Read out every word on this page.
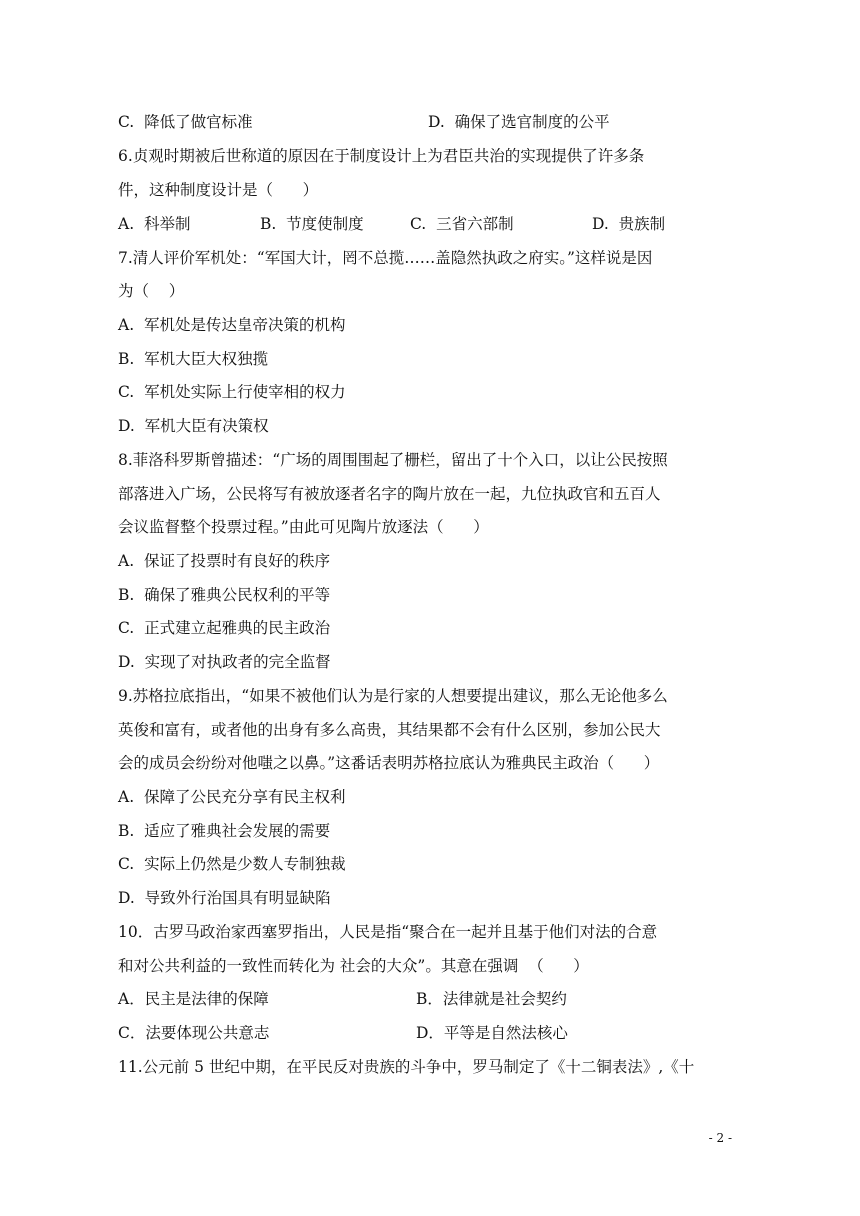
C.  降低了做官标准	D.  确保了选官制度的公平
6.贞观时期被后世称道的原因在于制度设计上为君臣共治的实现提供了许多条
件，这种制度设计是（      ）
A.  科举制	B.  节度使制度	C.  三省六部制	D.  贵族制
7.清人评价军机处：“军国大计，罔不总揽……盖隐然执政之府实。”这样说是因
为（    ）
A.  军机处是传达皇帝决策的机构
B.  军机大臣大权独揽
C.  军机处实际上行使宰相的权力
D.  军机大臣有决策权
8.菲洛科罗斯曾描述：“广场的周围围起了栅栏，留出了十个入口，以让公民按照
部落进入广场，公民将写有被放逐者名字的陶片放在一起，九位执政官和五百人
会议监督整个投票过程。”由此可见陶片放逐法（      ）
A.  保证了投票时有良好的秩序
B.  确保了雅典公民权利的平等
C.  正式建立起雅典的民主政治
D.  实现了对执政者的完全监督
9.苏格拉底指出，“如果不被他们认为是行家的人想要提出建议，那么无论他多么
英俊和富有，或者他的出身有多么高贵，其结果都不会有什么区别，参加公民大
会的成员会纷纷对他嗤之以鼻。”这番话表明苏格拉底认为雅典民主政治（      ）
A.  保障了公民充分享有民主权利
B.  适应了雅典社会发展的需要
C.  实际上仍然是少数人专制独裁
D.  导致外行治国具有明显缺陷
10．古罗马政治家西塞罗指出，人民是指“聚合在一起并且基于他们对法的合意
和对公共利益的一致性而转化为 社会的大众”。其意在强调  （      ）
A．民主是法律的保障	B．法律就是社会契约
C．法要体现公共意志	D．平等是自然法核心
11.公元前 5 世纪中期，在平民反对贵族的斗争中，罗马制定了《十二铜表法》,《十
- 2 -
